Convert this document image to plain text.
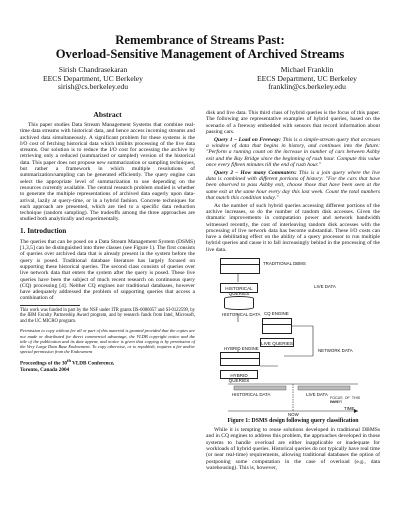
Remembrance of Streams Past:
Overload-Sensitive Management of Archived Streams
Sirish Chandrasekaran
EECS Department, UC Berkeley
sirish@cs.berkeley.edu
Michael Franklin
EECS Department, UC Berkeley
franklin@cs.berkeley.edu
Abstract

This paper studies Data Stream Management Systems that combine real-time data streams with historical data, and hence access incoming streams and archived data simultaneously. A significant problem for these systems is the I/O cost of fetching historical data which inhibits processing of the live data streams. Our solution is to reduce the I/O cost for accessing the archive by retrieving only a reduced (summarized or sampled) version of the historical data. This paper does not propose new summarization or sampling techniques, but rather a framework in which multiple resolutions of summarization/sampling can be generated efficiently. The query engine can select the appropriate level of summarization to use depending on the resources currently available. The central research problem studied is whether to generate the multiple representations of archived data eagerly upon data-arrival, lazily at query-time, or in a hybrid fashion. Concrete techniques for each approach are presented, which are tied to a specific data reduction technique (random sampling). The tradeoffs among the three approaches are studied both analytically and experimentally.

1. Introduction

The queries that can be posed on a Data Stream Management System (DSMS) [1,3,5] can be distinguished into three classes (see Figure 1). The first consists of queries over archived data that is already present in the system before the query is posed. Traditional database literature has largely focused on supporting these historical queries. The second class consists of queries over live network data that enters the system after the query is posed. These live queries have been the subject of much recent research on continuous query (CQ) processing [4]. Neither CQ engines nor traditional databases, however have adequately addressed the problem of supporting queries that access a combination of

This work was funded in part by the NSF under ITR grants IIS-0086057 and SI-0122599, by the IBM Faculty Partnership Award program, and by research funds from Intel, Microsoft, and the UC MICRO program.
Permission to copy without fee all or part of this material is granted provided that the copies are not made or distributed for direct commercial advantage, the VLDB copyright notice and the title of the publication and its date appear, and notice is given that copying is by permission of the Very Large Data Base Endowment. To copy otherwise, or to republish, requires a fee and/or special permission from the Endowment
Proceedings of the 30th VLDB Conference,
Toronto, Canada 2004

disk and live data. This third class of hybrid queries is the focus of this paper. The following are representative examples of hybrid queries, based on the scenario of a freeway embedded with sensors that record information about passing cars.

Query 1 – Load on Freeway: This is a simple-stream query that accesses a window of data that begins in history, and continues into the future: "Perform a running count on the increase in number of cars between Ashby exit and the Bay Bridge since the beginning of rush hour. Compute this value once every fifteen minutes till the end of rush hour."

Query 2 – How many Commuters: This is a join query where the live data is combined with different portions of history: "For the cars that have been observed to pass Ashby exit, choose those that have been seen at the same exit at the same hour every day this last week. Count the total numbers that match this condition today."

As the number of such hybrid queries accessing different portions of the archive increases, so do the number of random disk accesses. Given the dramatic improvements in computation power and network bandwidth witnessed recently, the cost of interleaving random disk accesses with the processing of live network data has become substantial. These I/O costs can have a debilitating effect on the ability of a query processor to run multiple hybrid queries and cause it to fall increasingly behind in the processing of the live data.

TRADITIONAL DBMS
HISTORICAL QUERIES
HISTORICAL DATA
LIVE DATA
CQ ENGINE
LIVE QUERIES
NETWORK DATA
HYBRID ENGINE
HYBRID QUERIES
HISTORICAL DATA	LIVE DATA
FOCUS OF THIS PAPER
NOW
TIME
Figure 1: DSMS design following query classification

While it is tempting to reuse solutions developed in traditional DBMSs and in CQ engines to address this problem, the approaches developed in those systems to handle overload are either inapplicable or inadequate for workloads of hybrid queries. Historical queries do not typically have real time (or near real-time) requirements, allowing traditional databases the option of postponing some computation in the case of overload (e.g., data warehousing). This is, however,
